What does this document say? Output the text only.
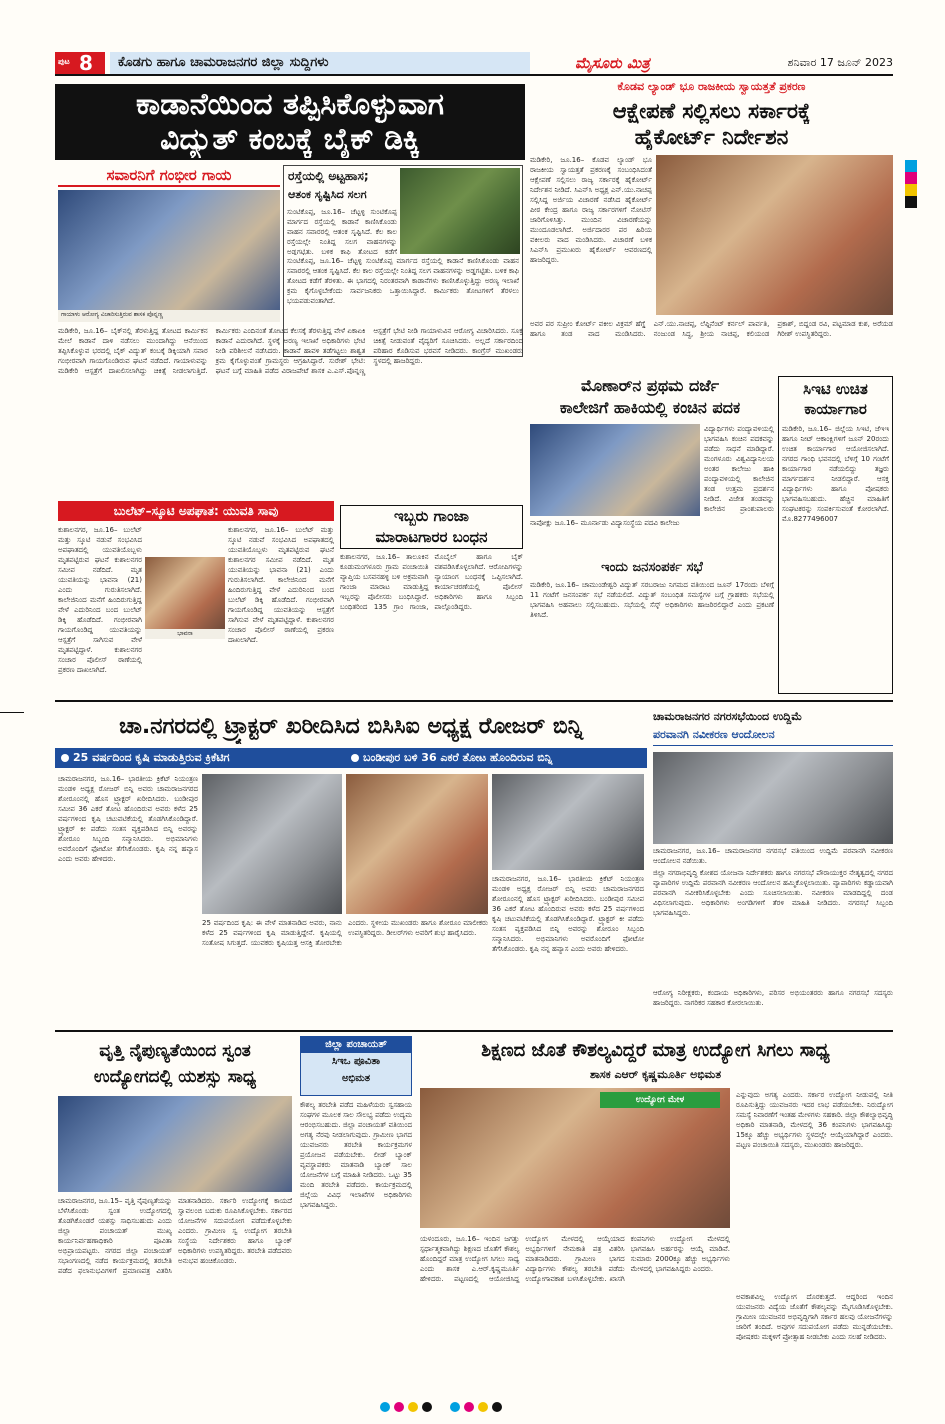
ಪುಟ 8	ಕೊಡಗು ಹಾಗೂ ಚಾಮರಾಜನಗರ ಜಿಲ್ಲಾ ಸುದ್ದಿಗಳು	ಮೈಸೂರು ಮಿತ್ರ	ಶನಿವಾರ 17 ಜೂನ್ 2023
ಕಾಡಾನೆಯಿಂದ ತಪ್ಪಿಸಿಕೊಳ್ಳುವಾಗ
ವಿದ್ಯುತ್ ಕಂಬಕ್ಕೆ ಬೈಕ್ ಡಿಕ್ಕಿ
ಸವಾರನಿಗೆ ಗಂಭೀರ ಗಾಯ
ಗಾಯಾಳು ಆರೋಗ್ಯ ವಿಚಾರಿಸುತ್ತಿರುವ ಶಾಸಕ ಪೊನ್ನಣ್ಣ
ರಸ್ತೆಯಲ್ಲಿ ಅಟ್ಟಹಾಸ;
ಆತಂಕ ಸೃಷ್ಟಿಸಿದ ಸಲಗ
ಸುಂಟಿಕೊಪ್ಪ, ಜೂ.16– ಚೆಟ್ಟಳ್ಳಿ ಸುಂಟಿಕೊಪ್ಪ ಮಾರ್ಗದ ರಸ್ತೆಯಲ್ಲಿ ಕಾಡಾನೆ ಕಾಣಿಸಿಕೊಂಡು ವಾಹನ ಸವಾರರಲ್ಲಿ ಆತಂಕ ಸೃಷ್ಟಿಸಿದೆ. ಕೆಲ ಕಾಲ ರಸ್ತೆಯಲ್ಲೇ ನಿಂತಿದ್ದ ಸಲಗ ವಾಹನಗಳನ್ನು ಅಡ್ಡಗಟ್ಟಿತು. ಬಳಿಕ ಕಾಫಿ ತೋಟದ ಕಡೆಗೆ
ಸುಂಟಿಕೊಪ್ಪ, ಜೂ.16– ಚೆಟ್ಟಳ್ಳಿ ಸುಂಟಿಕೊಪ್ಪ ಮಾರ್ಗದ ರಸ್ತೆಯಲ್ಲಿ ಕಾಡಾನೆ ಕಾಣಿಸಿಕೊಂಡು ವಾಹನ ಸವಾರರಲ್ಲಿ ಆತಂಕ ಸೃಷ್ಟಿಸಿದೆ. ಕೆಲ ಕಾಲ ರಸ್ತೆಯಲ್ಲೇ ನಿಂತಿದ್ದ ಸಲಗ ವಾಹನಗಳನ್ನು ಅಡ್ಡಗಟ್ಟಿತು. ಬಳಿಕ ಕಾಫಿ ತೋಟದ ಕಡೆಗೆ ತೆರಳಿತು. ಈ ಭಾಗದಲ್ಲಿ ನಿರಂತರವಾಗಿ ಕಾಡಾನೆಗಳು ಕಾಣಿಸಿಕೊಳ್ಳುತ್ತಿದ್ದು ಅರಣ್ಯ ಇಲಾಖೆ ಕ್ರಮ ಕೈಗೊಳ್ಳಬೇಕೆಂದು ಸಾರ್ವಜನಿಕರು ಒತ್ತಾಯಿಸಿದ್ದಾರೆ. ಕಾರ್ಮಿಕರು ತೋಟಗಳಿಗೆ ತೆರಳಲು ಭಯಪಡುವಂತಾಗಿದೆ.
ಮಡಿಕೇರಿ, ಜೂ.16– ಬೈಕ್‌ನಲ್ಲಿ ತೆರಳುತ್ತಿದ್ದ ತೋಟದ ಕಾರ್ಮಿಕನ ಮೇಲೆ ಕಾಡಾನೆ ದಾಳಿ ನಡೆಸಲು ಮುಂದಾಗಿದ್ದು ಆನೆಯಿಂದ ತಪ್ಪಿಸಿಕೊಳ್ಳುವ ಭರದಲ್ಲಿ ಬೈಕ್ ವಿದ್ಯುತ್ ಕಂಬಕ್ಕೆ ಡಿಕ್ಕಿಯಾಗಿ ಸವಾರ ಗಂಭೀರವಾಗಿ ಗಾಯಗೊಂಡಿರುವ ಘಟನೆ ನಡೆದಿದೆ. ಗಾಯಾಳುವನ್ನು ಮಡಿಕೇರಿ ಆಸ್ಪತ್ರೆಗೆ ದಾಖಲಿಸಲಾಗಿದ್ದು ಚಿಕಿತ್ಸೆ ನೀಡಲಾಗುತ್ತಿದೆ. ಕಾರ್ಮಿಕರು ಎಂದಿನಂತೆ ತೋಟದ ಕೆಲಸಕ್ಕೆ ತೆರಳುತ್ತಿದ್ದ ವೇಳೆ ಏಕಾಏಕಿ ಕಾಡಾನೆ ಎದುರಾಗಿದೆ. ಸ್ಥಳಕ್ಕೆ ಅರಣ್ಯ ಇಲಾಖೆ ಅಧಿಕಾರಿಗಳು ಭೇಟಿ ನೀಡಿ ಪರಿಶೀಲನೆ ನಡೆಸಿದರು. ಕಾಡಾನೆ ಹಾವಳಿ ತಡೆಗಟ್ಟಲು ಶಾಶ್ವತ ಕ್ರಮ ಕೈಗೊಳ್ಳುವಂತೆ ಗ್ರಾಮಸ್ಥರು ಆಗ್ರಹಿಸಿದ್ದಾರೆ. ಸುರೇಶ್ ಭೇಟಿ: ಘಟನೆ ಬಗ್ಗೆ ಮಾಹಿತಿ ಪಡೆದ ವಿರಾಜಪೇಟೆ ಶಾಸಕ ಎ.ಎಸ್.ಪೊನ್ನಣ್ಣ ಆಸ್ಪತ್ರೆಗೆ ಭೇಟಿ ನೀಡಿ ಗಾಯಾಳುವಿನ ಆರೋಗ್ಯ ವಿಚಾರಿಸಿದರು. ಸೂಕ್ತ ಚಿಕಿತ್ಸೆ ನೀಡುವಂತೆ ವೈದ್ಯರಿಗೆ ಸೂಚಿಸಿದರು. ಅಲ್ಲದೆ ಸರ್ಕಾರದಿಂದ ಪರಿಹಾರ ಕೊಡಿಸುವ ಭರವಸೆ ನೀಡಿದರು. ಕಾಂಗ್ರೆಸ್ ಮುಖಂಡರು ಸ್ಥಳದಲ್ಲಿ ಹಾಜರಿದ್ದರು.
ಬುಲೆಟ್–ಸ್ಕೂಟಿ ಅಪಘಾತ: ಯುವತಿ ಸಾವು
ಕುಶಾಲನಗರ, ಜೂ.16– ಬುಲೆಟ್ ಮತ್ತು ಸ್ಕೂಟಿ ನಡುವೆ ಸಂಭವಿಸಿದ ಅಪಘಾತದಲ್ಲಿ ಯುವತಿಯೊಬ್ಬಳು ಮೃತಪಟ್ಟಿರುವ ಘಟನೆ ಕುಶಾಲನಗರ ಸಮೀಪ ನಡೆದಿದೆ. ಮೃತ ಯುವತಿಯನ್ನು ಭಾವನಾ (21) ಎಂದು ಗುರುತಿಸಲಾಗಿದೆ. ಕಾಲೇಜಿನಿಂದ ಮನೆಗೆ ಹಿಂದಿರುಗುತ್ತಿದ್ದ ವೇಳೆ ಎದುರಿನಿಂದ ಬಂದ ಬುಲೆಟ್ ಡಿಕ್ಕಿ ಹೊಡೆದಿದೆ. ಗಂಭೀರವಾಗಿ ಗಾಯಗೊಂಡಿದ್ದ ಯುವತಿಯನ್ನು ಆಸ್ಪತ್ರೆಗೆ ಸಾಗಿಸುವ ವೇಳೆ ಮೃತಪಟ್ಟಿದ್ದಾಳೆ. ಕುಶಾಲನಗರ ಸಂಚಾರ ಪೊಲೀಸ್ ಠಾಣೆಯಲ್ಲಿ ಪ್ರಕರಣ ದಾಖಲಾಗಿದೆ.
ಭಾವನಾ
ಕುಶಾಲನಗರ, ಜೂ.16– ಬುಲೆಟ್ ಮತ್ತು ಸ್ಕೂಟಿ ನಡುವೆ ಸಂಭವಿಸಿದ ಅಪಘಾತದಲ್ಲಿ ಯುವತಿಯೊಬ್ಬಳು ಮೃತಪಟ್ಟಿರುವ ಘಟನೆ ಕುಶಾಲನಗರ ಸಮೀಪ ನಡೆದಿದೆ. ಮೃತ ಯುವತಿಯನ್ನು ಭಾವನಾ (21) ಎಂದು ಗುರುತಿಸಲಾಗಿದೆ. ಕಾಲೇಜಿನಿಂದ ಮನೆಗೆ ಹಿಂದಿರುಗುತ್ತಿದ್ದ ವೇಳೆ ಎದುರಿನಿಂದ ಬಂದ ಬುಲೆಟ್ ಡಿಕ್ಕಿ ಹೊಡೆದಿದೆ. ಗಂಭೀರವಾಗಿ ಗಾಯಗೊಂಡಿದ್ದ ಯುವತಿಯನ್ನು ಆಸ್ಪತ್ರೆಗೆ ಸಾಗಿಸುವ ವೇಳೆ ಮೃತಪಟ್ಟಿದ್ದಾಳೆ. ಕುಶಾಲನಗರ ಸಂಚಾರ ಪೊಲೀಸ್ ಠಾಣೆಯಲ್ಲಿ ಪ್ರಕರಣ ದಾಖಲಾಗಿದೆ.
ಇಬ್ಬರು ಗಾಂಜಾ
ಮಾರಾಟಗಾರರ ಬಂಧನ
ಕುಶಾಲನಗರ, ಜೂ.16– ತಾಲೂಕಿನ ಕೂಡುಮಂಗಳೂರು ಗ್ರಾಮ ಪಂಚಾಯಿತಿ ವ್ಯಾಪ್ತಿಯ ಬಸವನಹಳ್ಳಿ ಬಳಿ ಅಕ್ರಮವಾಗಿ ಗಾಂಜಾ ಮಾರಾಟ ಮಾಡುತ್ತಿದ್ದ ಇಬ್ಬರನ್ನು ಪೊಲೀಸರು ಬಂಧಿಸಿದ್ದಾರೆ. ಬಂಧಿತರಿಂದ 135 ಗ್ರಾಂ ಗಾಂಜಾ, ಮೊಬೈಲ್ ಹಾಗೂ ಬೈಕ್ ವಶಪಡಿಸಿಕೊಳ್ಳಲಾಗಿದೆ. ಆರೋಪಿಗಳನ್ನು ನ್ಯಾಯಾಂಗ ಬಂಧನಕ್ಕೆ ಒಪ್ಪಿಸಲಾಗಿದೆ. ಕಾರ್ಯಾಚರಣೆಯಲ್ಲಿ ಪೊಲೀಸ್ ಅಧಿಕಾರಿಗಳು ಹಾಗೂ ಸಿಬ್ಬಂದಿ ಪಾಲ್ಗೊಂಡಿದ್ದರು.
ಕೊಡವ ಲ್ಯಾಂಡ್ ಭೂ ರಾಜಕೀಯ ಸ್ವಾಯತ್ತತೆ ಪ್ರಕರಣ
ಆಕ್ಷೇಪಣೆ ಸಲ್ಲಿಸಲು ಸರ್ಕಾರಕ್ಕೆ
ಹೈಕೋರ್ಟ್ ನಿರ್ದೇಶನ
ಮಡಿಕೇರಿ, ಜೂ.16– ಕೊಡವ ಲ್ಯಾಂಡ್ ಭೂ ರಾಜಕೀಯ ಸ್ವಾಯತ್ತತೆ ಪ್ರಕರಣಕ್ಕೆ ಸಂಬಂಧಿಸಿದಂತೆ ಆಕ್ಷೇಪಣೆ ಸಲ್ಲಿಸಲು ರಾಜ್ಯ ಸರ್ಕಾರಕ್ಕೆ ಹೈಕೋರ್ಟ್ ನಿರ್ದೇಶನ ನೀಡಿದೆ. ಸಿಎನ್‌ಸಿ ಅಧ್ಯಕ್ಷ ಎನ್.ಯು.ನಾಚಪ್ಪ ಸಲ್ಲಿಸಿದ್ದ ಅರ್ಜಿಯ ವಿಚಾರಣೆ ನಡೆಸಿದ ಹೈಕೋರ್ಟ್ ಪೀಠ ಕೇಂದ್ರ ಹಾಗೂ ರಾಜ್ಯ ಸರ್ಕಾರಗಳಿಗೆ ನೋಟಿಸ್ ಜಾರಿಗೊಳಿಸಿತ್ತು. ಮುಂದಿನ ವಿಚಾರಣೆಯನ್ನು ಮುಂದೂಡಲಾಗಿದೆ. ಅರ್ಜಿದಾರರ ಪರ ಹಿರಿಯ ವಕೀಲರು ವಾದ ಮಂಡಿಸಿದರು. ವಿಚಾರಣೆ ಬಳಿಕ ಸಿಎನ್‌ಸಿ ಪ್ರಮುಖರು ಹೈಕೋರ್ಟ್ ಆವರಣದಲ್ಲಿ ಹಾಜರಿದ್ದರು.
ಅವರ ಪರ ಸುಪ್ರೀಂ ಕೋರ್ಟ್ ವಕೀಲ ವಿಕ್ರಮ್ ಹೆಗ್ಡೆ ಹಾಗೂ ತಂಡ ವಾದ ಮಂಡಿಸಿದರು. ಎನ್.ಯು.ನಾಚಪ್ಪ, ಲೆಫ್ಟಿನೆಂಟ್ ಕರ್ನಲ್ ಪಾರ್ವತಿ, ನಂಜುಂಡ ಸಿದ್ಧ, ಶ್ರೀಯ ನಾಚಪ್ಪ, ಕಲಿಯಂಡ ಪ್ರಕಾಶ್, ಬಿದ್ದಂಡ ರವಿ, ಪಟ್ಟಮಾಡ ಕುಶ, ಅರೆಯಡ ಗಿರೀಶ್ ಉಪಸ್ಥಿತರಿದ್ದರು.
ಮೊಣಾರ್‌ನ ಪ್ರಥಮ ದರ್ಜೆ
ಕಾಲೇಜಿಗೆ ಹಾಕಿಯಲ್ಲಿ ಕಂಚಿನ ಪದಕ
ವಿದ್ಯಾರ್ಥಿಗಳು ಪಂದ್ಯಾವಳಿಯಲ್ಲಿ ಭಾಗವಹಿಸಿ ಕಂಚಿನ ಪದಕವನ್ನು ಪಡೆದು ಸಾಧನೆ ಮಾಡಿದ್ದಾರೆ. ಮಂಗಳೂರು ವಿಶ್ವವಿದ್ಯಾನಿಲಯ ಅಂತರ ಕಾಲೇಜು ಹಾಕಿ ಪಂದ್ಯಾವಳಿಯಲ್ಲಿ ಕಾಲೇಜಿನ ತಂಡ ಉತ್ತಮ ಪ್ರದರ್ಶನ ನೀಡಿದೆ. ವಿಜೇತ ತಂಡವನ್ನು ಕಾಲೇಜಿನ ಪ್ರಾಂಶುಪಾಲರು
ನಾಪೋಕ್ಲು ಜೂ.16– ಮೂರ್ನಾಡು ವಿದ್ಯಾಸಂಸ್ಥೆಯ ಪದವಿ ಕಾಲೇಜು
ಇಂದು ಜನಸಂಪರ್ಕ ಸಭೆ
ಮಡಿಕೇರಿ, ಜೂ.16– ಚಾಮುಂಡೇಶ್ವರಿ ವಿದ್ಯುತ್ ಸರಬರಾಜು ನಿಗಮದ ವತಿಯಿಂದ ಜೂನ್ 17ರಂದು ಬೆಳಿಗ್ಗೆ 11 ಗಂಟೆಗೆ ಜನಸಂಪರ್ಕ ಸಭೆ ನಡೆಯಲಿದೆ. ವಿದ್ಯುತ್ ಸಂಬಂಧಿತ ಸಮಸ್ಯೆಗಳ ಬಗ್ಗೆ ಗ್ರಾಹಕರು ಸಭೆಯಲ್ಲಿ ಭಾಗವಹಿಸಿ ಅಹವಾಲು ಸಲ್ಲಿಸಬಹುದು. ಸಭೆಯಲ್ಲಿ ಸೆಸ್ಕ್ ಅಧಿಕಾರಿಗಳು ಹಾಜರಿರಲಿದ್ದಾರೆ ಎಂದು ಪ್ರಕಟಣೆ ತಿಳಿಸಿದೆ.
ಸಿಇಟಿ ಉಚಿತ
ಕಾರ್ಯಾಗಾರ
ಮಡಿಕೇರಿ, ಜೂ.16– ಜಿಲ್ಲೆಯ ಸಿಇಟಿ, ಜೆಇಇ ಹಾಗೂ ನೀಟ್ ಆಕಾಂಕ್ಷಿಗಳಿಗೆ ಜೂನ್ 20ರಂದು ಉಚಿತ ಕಾರ್ಯಾಗಾರ ಆಯೋಜಿಸಲಾಗಿದೆ. ನಗರದ ಗಾಂಧಿ ಭವನದಲ್ಲಿ ಬೆಳಿಗ್ಗೆ 10 ಗಂಟೆಗೆ ಕಾರ್ಯಾಗಾರ ನಡೆಯಲಿದ್ದು ತಜ್ಞರು ಮಾರ್ಗದರ್ಶನ ನೀಡಲಿದ್ದಾರೆ. ಆಸಕ್ತ ವಿದ್ಯಾರ್ಥಿಗಳು ಹಾಗೂ ಪೋಷಕರು ಭಾಗವಹಿಸಬಹುದು. ಹೆಚ್ಚಿನ ಮಾಹಿತಿಗೆ ಸಂಘಟಕರನ್ನು ಸಂಪರ್ಕಿಸುವಂತೆ ಕೋರಲಾಗಿದೆ. ಮೊ.8277496007
ಚಾ.ನಗರದಲ್ಲಿ ಟ್ರ್ಯಾಕ್ಟರ್ ಖರೀದಿಸಿದ ಬಿಸಿಸಿಐ ಅಧ್ಯಕ್ಷ ರೋಜರ್ ಬಿನ್ನಿ
25 ವರ್ಷದಿಂದ ಕೃಷಿ ಮಾಡುತ್ತಿರುವ ಕ್ರಿಕೆಟಿಗ	ಬಂಡೀಪುರ ಬಳಿ 36 ಎಕರೆ ತೋಟ ಹೊಂದಿರುವ ಬಿನ್ನಿ
ಚಾಮರಾಜನಗರ, ಜೂ.16– ಭಾರತೀಯ ಕ್ರಿಕೆಟ್ ನಿಯಂತ್ರಣ ಮಂಡಳಿ ಅಧ್ಯಕ್ಷ ರೋಜರ್ ಬಿನ್ನಿ ಅವರು ಚಾಮರಾಜನಗರದ ಶೋರೂಂನಲ್ಲಿ ಹೊಸ ಟ್ರ್ಯಾಕ್ಟರ್ ಖರೀದಿಸಿದರು. ಬಂಡೀಪುರ ಸಮೀಪ 36 ಎಕರೆ ತೋಟ ಹೊಂದಿರುವ ಅವರು ಕಳೆದ 25 ವರ್ಷಗಳಿಂದ ಕೃಷಿ ಚಟುವಟಿಕೆಯಲ್ಲಿ ತೊಡಗಿಸಿಕೊಂಡಿದ್ದಾರೆ. ಟ್ರ್ಯಾಕ್ಟರ್ ಕೀ ಪಡೆದು ಸಂತಸ ವ್ಯಕ್ತಪಡಿಸಿದ ಬಿನ್ನಿ ಅವರನ್ನು ಶೋರೂಂ ಸಿಬ್ಬಂದಿ ಸನ್ಮಾನಿಸಿದರು. ಅಭಿಮಾನಿಗಳು ಅವರೊಂದಿಗೆ ಫೋಟೋ ತೆಗೆಸಿಕೊಂಡರು. ಕೃಷಿ ನನ್ನ ಹವ್ಯಾಸ ಎಂದು ಅವರು ಹೇಳಿದರು.
25 ವರ್ಷದಿಂದ ಕೃಷಿ: ಈ ವೇಳೆ ಮಾತನಾಡಿದ ಅವರು, ನಾನು ಕಳೆದ 25 ವರ್ಷಗಳಿಂದ ಕೃಷಿ ಮಾಡುತ್ತಿದ್ದೇನೆ. ಕೃಷಿಯಲ್ಲಿ ಸಂತೋಷ ಸಿಗುತ್ತದೆ. ಯುವಕರು ಕೃಷಿಯತ್ತ ಆಸಕ್ತಿ ತೋರಬೇಕು ಎಂದರು. ಸ್ಥಳೀಯ ಮುಖಂಡರು ಹಾಗೂ ಶೋರೂಂ ಮಾಲೀಕರು ಉಪಸ್ಥಿತರಿದ್ದರು. ಡೀಲರ್‌ಗಳು ಅವರಿಗೆ ಶುಭ ಹಾರೈಸಿದರು.
ಚಾಮರಾಜನಗರ, ಜೂ.16– ಭಾರತೀಯ ಕ್ರಿಕೆಟ್ ನಿಯಂತ್ರಣ ಮಂಡಳಿ ಅಧ್ಯಕ್ಷ ರೋಜರ್ ಬಿನ್ನಿ ಅವರು ಚಾಮರಾಜನಗರದ ಶೋರೂಂನಲ್ಲಿ ಹೊಸ ಟ್ರ್ಯಾಕ್ಟರ್ ಖರೀದಿಸಿದರು. ಬಂಡೀಪುರ ಸಮೀಪ 36 ಎಕರೆ ತೋಟ ಹೊಂದಿರುವ ಅವರು ಕಳೆದ 25 ವರ್ಷಗಳಿಂದ ಕೃಷಿ ಚಟುವಟಿಕೆಯಲ್ಲಿ ತೊಡಗಿಸಿಕೊಂಡಿದ್ದಾರೆ. ಟ್ರ್ಯಾಕ್ಟರ್ ಕೀ ಪಡೆದು ಸಂತಸ ವ್ಯಕ್ತಪಡಿಸಿದ ಬಿನ್ನಿ ಅವರನ್ನು ಶೋರೂಂ ಸಿಬ್ಬಂದಿ ಸನ್ಮಾನಿಸಿದರು. ಅಭಿಮಾನಿಗಳು ಅವರೊಂದಿಗೆ ಫೋಟೋ ತೆಗೆಸಿಕೊಂಡರು. ಕೃಷಿ ನನ್ನ ಹವ್ಯಾಸ ಎಂದು ಅವರು ಹೇಳಿದರು.
ಚಾಮರಾಜನಗರ ನಗರಸಭೆಯಿಂದ ಉದ್ದಿಮೆ
ಪರವಾನಗಿ ನವೀಕರಣ ಆಂದೋಲನ
ಚಾಮರಾಜನಗರ, ಜೂ.16– ಚಾಮರಾಜನಗರ ನಗರಸಭೆ ವತಿಯಿಂದ ಉದ್ದಿಮೆ ಪರವಾನಗಿ ನವೀಕರಣ ಆಂದೋಲನ ನಡೆಯಿತು.
ಜಿಲ್ಲಾ ನಗರಾಭಿವೃದ್ಧಿ ಕೋಶದ ಯೋಜನಾ ನಿರ್ದೇಶಕರು ಹಾಗೂ ನಗರಸಭೆ ಪೌರಾಯುಕ್ತರ ನೇತೃತ್ವದಲ್ಲಿ ನಗರದ ವ್ಯಾಪಾರಿಗಳ ಉದ್ದಿಮೆ ಪರವಾನಗಿ ನವೀಕರಣ ಆಂದೋಲನ ಹಮ್ಮಿಕೊಳ್ಳಲಾಯಿತು. ವ್ಯಾಪಾರಿಗಳು ಕಡ್ಡಾಯವಾಗಿ ಪರವಾನಗಿ ನವೀಕರಿಸಿಕೊಳ್ಳಬೇಕು ಎಂದು ಸೂಚಿಸಲಾಯಿತು. ನವೀಕರಣ ಮಾಡದಿದ್ದಲ್ಲಿ ದಂಡ ವಿಧಿಸಲಾಗುವುದು. ಅಧಿಕಾರಿಗಳು ಅಂಗಡಿಗಳಿಗೆ ತೆರಳಿ ಮಾಹಿತಿ ನೀಡಿದರು. ನಗರಸಭೆ ಸಿಬ್ಬಂದಿ ಭಾಗವಹಿಸಿದ್ದರು.
ಆರೋಗ್ಯ ನಿರೀಕ್ಷಕರು, ಕಂದಾಯ ಅಧಿಕಾರಿಗಳು, ಪರಿಸರ ಅಭಿಯಂತರರು ಹಾಗೂ ನಗರಸಭೆ ಸದಸ್ಯರು ಹಾಜರಿದ್ದರು. ನಾಗರಿಕರ ಸಹಕಾರ ಕೋರಲಾಯಿತು.
ವೃತ್ತಿ ನೈಪುಣ್ಯತೆಯಿಂದ ಸ್ವಂತ
ಉದ್ಯೋಗದಲ್ಲಿ ಯಶಸ್ಸು ಸಾಧ್ಯ
ಜಿಲ್ಲಾ ಪಂಚಾಯತ್
ಸಿಇಒ ಪೂವಿತಾ
ಅಭಿಮತ
ಚಾಮರಾಜನಗರ, ಜೂ.15– ವೃತ್ತಿ ನೈಪುಣ್ಯತೆಯನ್ನು ಬೆಳೆಸಿಕೊಂಡು ಸ್ವಂತ ಉದ್ಯೋಗದಲ್ಲಿ ತೊಡಗಿಕೊಂಡರೆ ಯಶಸ್ಸು ಸಾಧಿಸಬಹುದು ಎಂದು ಜಿಲ್ಲಾ ಪಂಚಾಯತ್ ಮುಖ್ಯ ಕಾರ್ಯನಿರ್ವಹಣಾಧಿಕಾರಿ ಪೂವಿತಾ ಅಭಿಪ್ರಾಯಪಟ್ಟರು. ನಗರದ ಜಿಲ್ಲಾ ಪಂಚಾಯತ್ ಸಭಾಂಗಣದಲ್ಲಿ ನಡೆದ ಕಾರ್ಯಕ್ರಮದಲ್ಲಿ ತರಬೇತಿ ಪಡೆದ ಫಲಾನುಭವಿಗಳಿಗೆ ಪ್ರಮಾಣಪತ್ರ ವಿತರಿಸಿ ಮಾತನಾಡಿದರು. ಸರ್ಕಾರಿ ಉದ್ಯೋಗಕ್ಕೆ ಕಾಯದೆ ಸ್ವಾವಲಂಬಿ ಬದುಕು ರೂಪಿಸಿಕೊಳ್ಳಬೇಕು. ಸರ್ಕಾರದ ಯೋಜನೆಗಳ ಸದುಪಯೋಗ ಪಡೆದುಕೊಳ್ಳಬೇಕು ಎಂದರು. ಗ್ರಾಮೀಣ ಸ್ವ ಉದ್ಯೋಗ ತರಬೇತಿ ಸಂಸ್ಥೆಯ ನಿರ್ದೇಶಕರು ಹಾಗೂ ಬ್ಯಾಂಕ್ ಅಧಿಕಾರಿಗಳು ಉಪಸ್ಥಿತರಿದ್ದರು. ತರಬೇತಿ ಪಡೆದವರು ಅನುಭವ ಹಂಚಿಕೊಂಡರು.
ಕೌಶಲ್ಯ ತರಬೇತಿ ಪಡೆದ ಮಹಿಳೆಯರು ಸ್ವಸಹಾಯ ಸಂಘಗಳ ಮೂಲಕ ಸಾಲ ಸೌಲಭ್ಯ ಪಡೆದು ಉದ್ಯಮ ಆರಂಭಿಸಬಹುದು. ಜಿಲ್ಲಾ ಪಂಚಾಯತ್ ವತಿಯಿಂದ ಅಗತ್ಯ ನೆರವು ನೀಡಲಾಗುವುದು. ಗ್ರಾಮೀಣ ಭಾಗದ ಯುವಜನರು ತರಬೇತಿ ಕಾರ್ಯಕ್ರಮಗಳ ಪ್ರಯೋಜನ ಪಡೆಯಬೇಕು. ಲೀಡ್ ಬ್ಯಾಂಕ್ ವ್ಯವಸ್ಥಾಪಕರು ಮಾತನಾಡಿ ಬ್ಯಾಂಕ್ ಸಾಲ ಯೋಜನೆಗಳ ಬಗ್ಗೆ ಮಾಹಿತಿ ನೀಡಿದರು. ಒಟ್ಟು 35 ಮಂದಿ ತರಬೇತಿ ಪಡೆದರು. ಕಾರ್ಯಕ್ರಮದಲ್ಲಿ ಜಿಲ್ಲೆಯ ವಿವಿಧ ಇಲಾಖೆಗಳ ಅಧಿಕಾರಿಗಳು ಭಾಗವಹಿಸಿದ್ದರು.
ಶಿಕ್ಷಣದ ಜೊತೆ ಕೌಶಲ್ಯವಿದ್ದರೆ ಮಾತ್ರ ಉದ್ಯೋಗ ಸಿಗಲು ಸಾಧ್ಯ
ಶಾಸಕ ಎಆರ್ ಕೃಷ್ಣಮೂರ್ತಿ ಅಭಿಮತ
ಉದ್ಯೋಗ ಮೇಳ
ಯಳಂದೂರು, ಜೂ.16– ಇಂದಿನ ಜಗತ್ತು ಸ್ಪರ್ಧಾತ್ಮಕವಾಗಿದ್ದು ಶಿಕ್ಷಣದ ಜೊತೆಗೆ ಕೌಶಲ್ಯ ಹೊಂದಿದ್ದರೆ ಮಾತ್ರ ಉದ್ಯೋಗ ಸಿಗಲು ಸಾಧ್ಯ ಎಂದು ಶಾಸಕ ಎ.ಆರ್.ಕೃಷ್ಣಮೂರ್ತಿ ಹೇಳಿದರು. ಪಟ್ಟಣದಲ್ಲಿ ಆಯೋಜಿಸಿದ್ದ ಉದ್ಯೋಗ ಮೇಳದಲ್ಲಿ ಆಯ್ಕೆಯಾದ ಅಭ್ಯರ್ಥಿಗಳಿಗೆ ನೇಮಕಾತಿ ಪತ್ರ ವಿತರಿಸಿ ಮಾತನಾಡಿದರು. ಗ್ರಾಮೀಣ ಭಾಗದ ವಿದ್ಯಾರ್ಥಿಗಳು ಕೌಶಲ್ಯ ತರಬೇತಿ ಪಡೆದು ಉದ್ಯೋಗಾವಕಾಶ ಬಳಸಿಕೊಳ್ಳಬೇಕು. ಖಾಸಗಿ ಕಂಪನಿಗಳು ಉದ್ಯೋಗ ಮೇಳದಲ್ಲಿ ಭಾಗವಹಿಸಿ ಅರ್ಹರನ್ನು ಆಯ್ಕೆ ಮಾಡಿವೆ. ಸುಮಾರು 2000ಕ್ಕೂ ಹೆಚ್ಚು ಅಭ್ಯರ್ಥಿಗಳು ಮೇಳದಲ್ಲಿ ಭಾಗವಹಿಸಿದ್ದರು ಎಂದರು.
ಎನ್ನುವುದು ಅಗತ್ಯ ಎಂದರು. ಸರ್ಕಾರ ಉದ್ಯೋಗ ನೀಡುವಲ್ಲಿ ನೀತಿ ರೂಪಿಸುತ್ತಿದ್ದು ಯುವಜನರು ಇದರ ಲಾಭ ಪಡೆಯಬೇಕು. ನಿರುದ್ಯೋಗ ಸಮಸ್ಯೆ ನಿವಾರಣೆಗೆ ಇಂತಹ ಮೇಳಗಳು ಸಹಕಾರಿ. ಜಿಲ್ಲಾ ಕೌಶಲ್ಯಾಭಿವೃದ್ಧಿ ಅಧಿಕಾರಿ ಮಾತನಾಡಿ, ಮೇಳದಲ್ಲಿ 36 ಕಂಪನಿಗಳು ಭಾಗವಹಿಸಿದ್ದು 15ಕ್ಕೂ ಹೆಚ್ಚು ಅಭ್ಯರ್ಥಿಗಳು ಸ್ಥಳದಲ್ಲೇ ಆಯ್ಕೆಯಾಗಿದ್ದಾರೆ ಎಂದರು. ಪಟ್ಟಣ ಪಂಚಾಯಿತಿ ಸದಸ್ಯರು, ಮುಖಂಡರು ಹಾಜರಿದ್ದರು.
ಅವಕಾಶವಿಲ್ಲ ಉದ್ಯೋಗ ದೊರಕುತ್ತದೆ. ಆದ್ದರಿಂದ ಇಂದಿನ ಯುವಜನರು ವಿದ್ಯೆಯ ಜೊತೆಗೆ ಕೌಶಲ್ಯವನ್ನು ಮೈಗೂಡಿಸಿಕೊಳ್ಳಬೇಕು. ಗ್ರಾಮೀಣ ಯುವಜನರ ಅಭಿವೃದ್ಧಿಗಾಗಿ ಸರ್ಕಾರ ಹಲವು ಯೋಜನೆಗಳನ್ನು ಜಾರಿಗೆ ತಂದಿದೆ. ಅವುಗಳ ಸದುಪಯೋಗ ಪಡೆದು ಮುನ್ನಡೆಯಬೇಕು. ಪೋಷಕರು ಮಕ್ಕಳಿಗೆ ಪ್ರೋತ್ಸಾಹ ನೀಡಬೇಕು ಎಂದು ಸಲಹೆ ನೀಡಿದರು.
